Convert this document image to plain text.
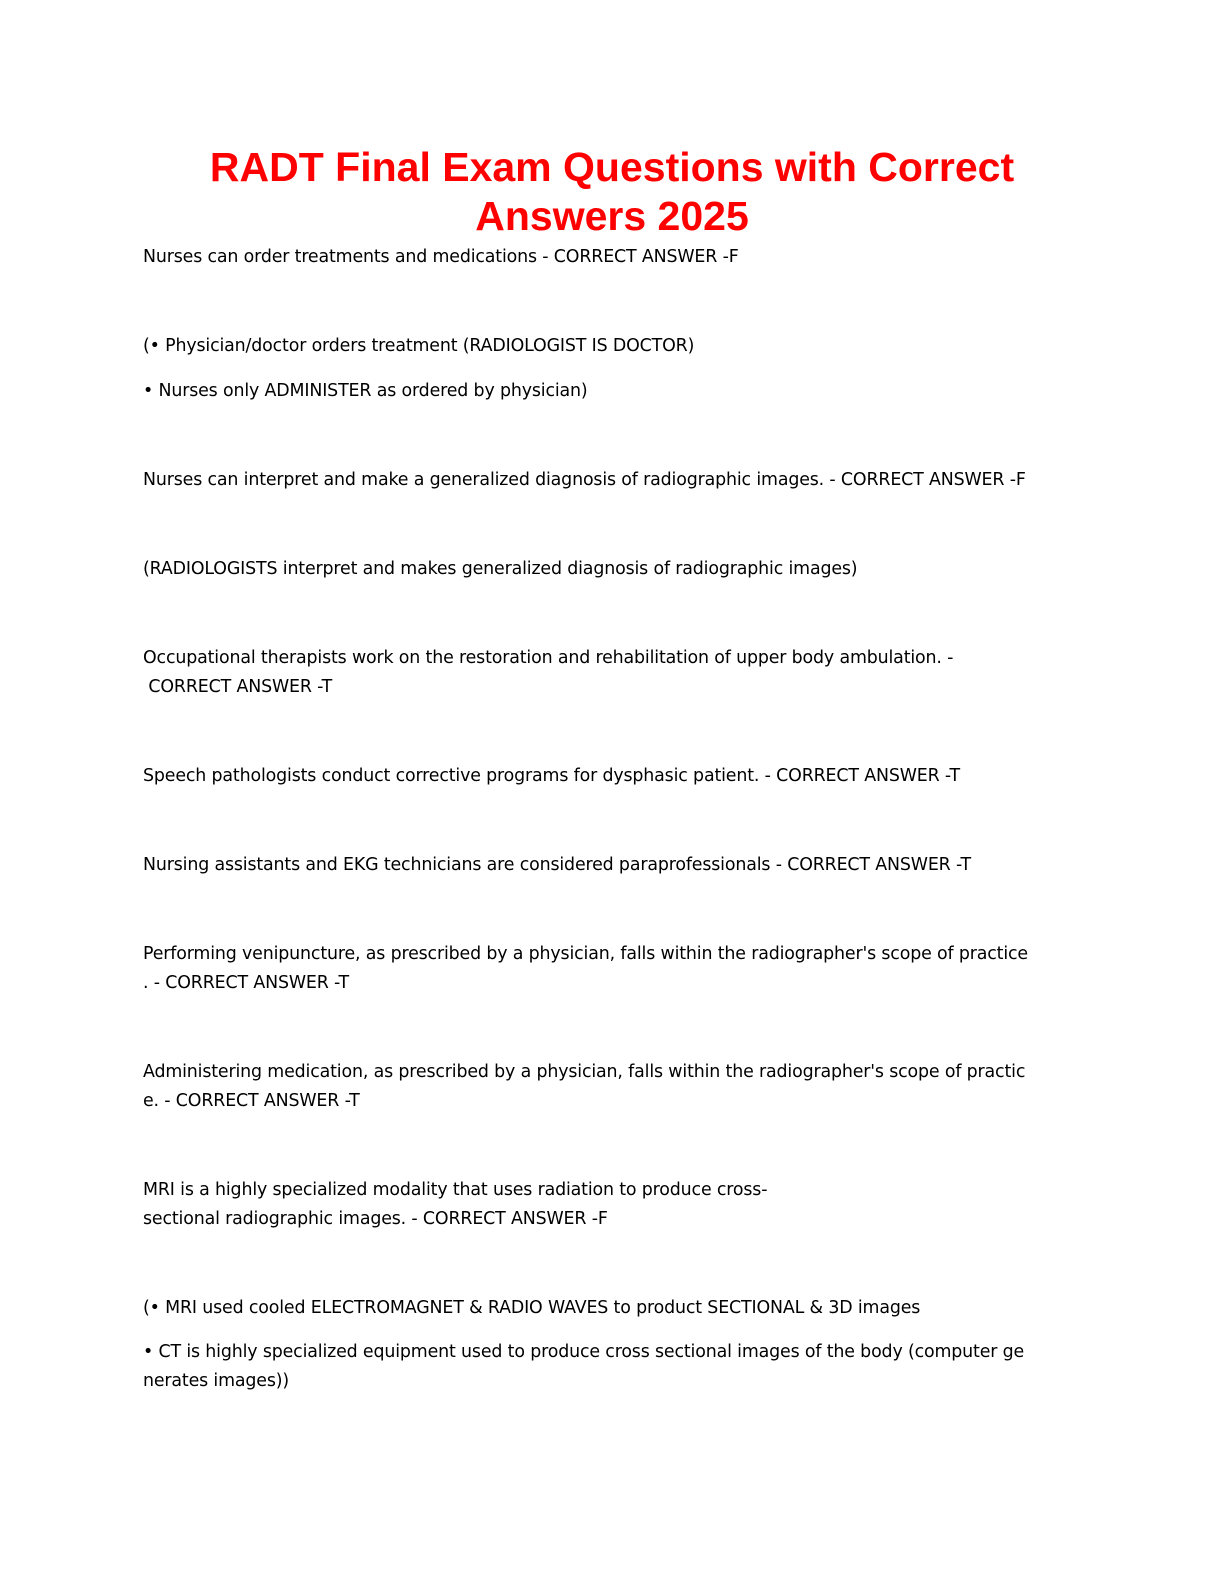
RADT Final Exam Questions with Correct
Answers 2025
Nurses can order treatments and medications - CORRECT ANSWER -F
(• Physician/doctor orders treatment (RADIOLOGIST IS DOCTOR)
• Nurses only ADMINISTER as ordered by physician)
Nurses can interpret and make a generalized diagnosis of radiographic images. - CORRECT ANSWER -F
(RADIOLOGISTS interpret and makes generalized diagnosis of radiographic images)
Occupational therapists work on the restoration and rehabilitation of upper body ambulation. -
CORRECT ANSWER -T
Speech pathologists conduct corrective programs for dysphasic patient. - CORRECT ANSWER -T
Nursing assistants and EKG technicians are considered paraprofessionals - CORRECT ANSWER -T
Performing venipuncture, as prescribed by a physician, falls within the radiographer's scope of practice
. - CORRECT ANSWER -T
Administering medication, as prescribed by a physician, falls within the radiographer's scope of practic
e. - CORRECT ANSWER -T
MRI is a highly specialized modality that uses radiation to produce cross-
sectional radiographic images. - CORRECT ANSWER -F
(• MRI used cooled ELECTROMAGNET & RADIO WAVES to product SECTIONAL & 3D images
• CT is highly specialized equipment used to produce cross sectional images of the body (computer ge
nerates images))
